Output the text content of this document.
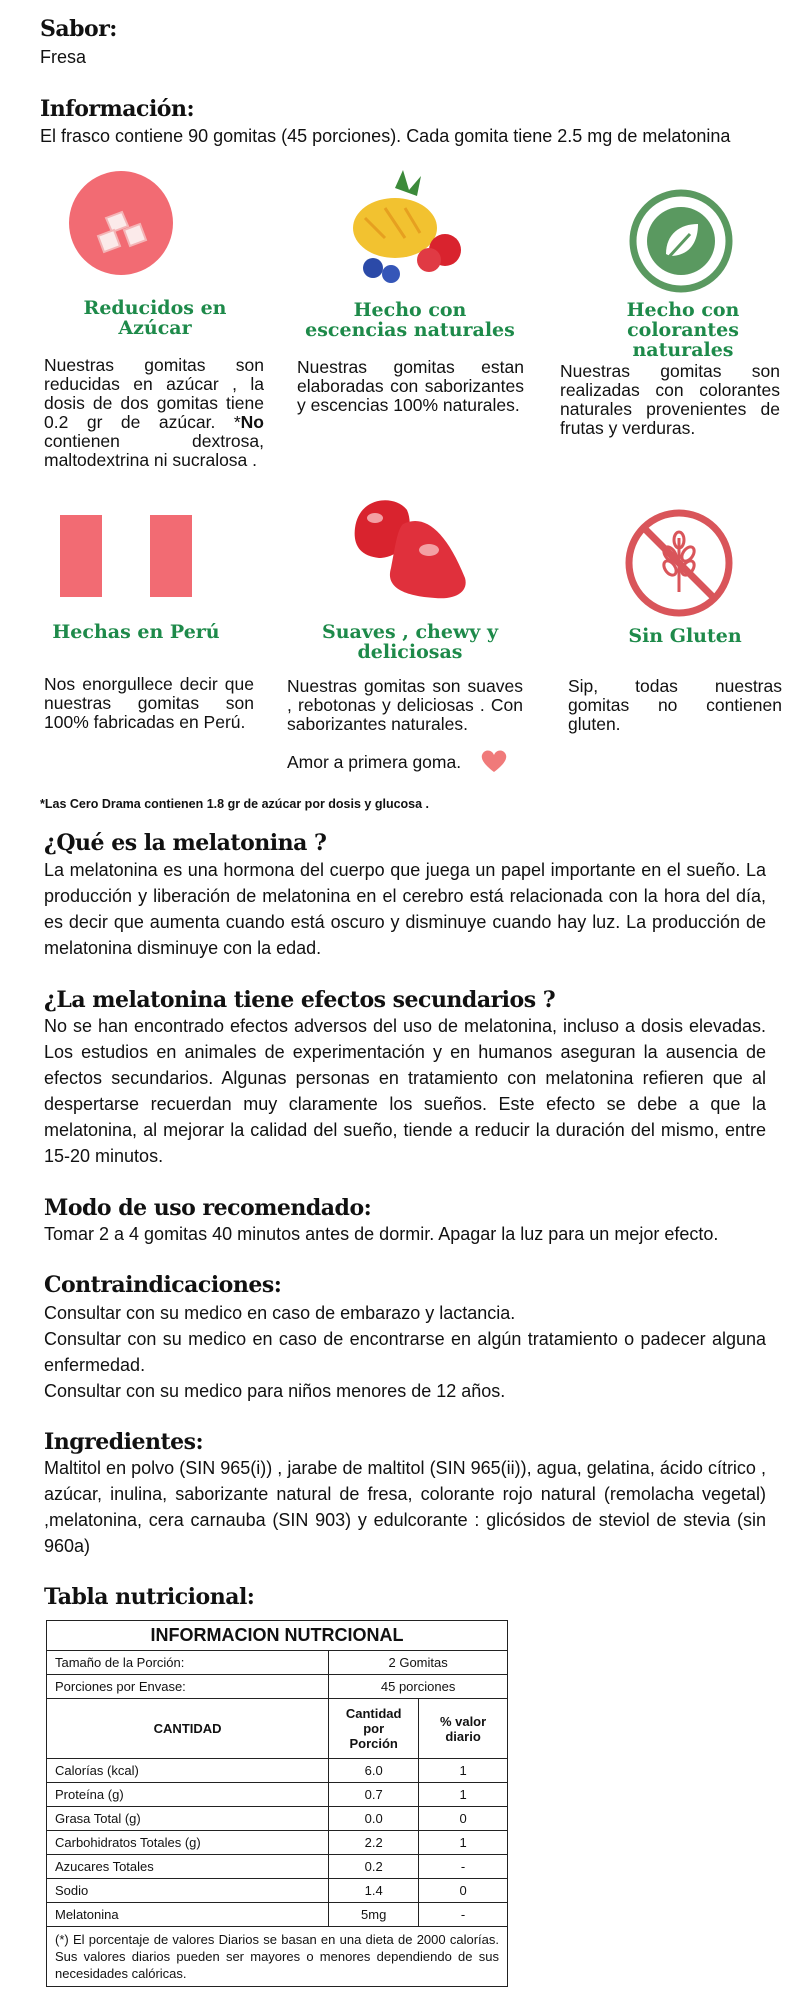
Sabor:
Fresa
Información:
El frasco contiene 90 gomitas (45 porciones). Cada gomita tiene 2.5 mg de melatonina
Reducidos en Azúcar
Nuestras gomitas son reducidas en azúcar , la dosis de dos gomitas tiene 0.2 gr de azúcar. *No contienen dextrosa, maltodextrina ni sucralosa .
Hecho con escencias naturales
Nuestras gomitas estan elaboradas con saborizantes y escencias 100% naturales.
Hecho con colorantes naturales
Nuestras gomitas son realizadas con colorantes naturales provenientes de frutas y verduras.
Hechas en Perú
Nos enorgullece decir que nuestras gomitas son 100% fabricadas en Perú.
Suaves , chewy y deliciosas
Nuestras gomitas son suaves , rebotonas y deliciosas . Con saborizantes naturales.
Amor a primera goma.
Sin Gluten
Sip, todas nuestras gomitas no contienen gluten.
*Las Cero Drama contienen 1.8 gr de azúcar por dosis y glucosa .
¿Qué es la melatonina ?
La melatonina es una hormona del cuerpo que juega un papel importante en el sueño. La producción y liberación de melatonina en el cerebro está relacionada con la hora del día, es decir que aumenta cuando está oscuro y disminuye cuando hay luz. La producción de melatonina disminuye con la edad.
¿La melatonina tiene efectos secundarios ?
No se han encontrado efectos adversos del uso de melatonina, incluso a dosis elevadas. Los estudios en animales de experimentación y en humanos aseguran la ausencia de efectos secundarios. Algunas personas en tratamiento con melatonina refieren que al despertarse recuerdan muy claramente los sueños. Este efecto se debe a que la melatonina, al mejorar la calidad del sueño, tiende a reducir la duración del mismo, entre 15-20 minutos.
Modo de uso recomendado:
Tomar 2 a 4 gomitas 40 minutos antes de dormir. Apagar la luz para un mejor efecto.
Contraindicaciones:
Consultar con su medico en caso de embarazo y lactancia.
Consultar con su medico en caso de encontrarse en algún tratamiento o padecer alguna enfermedad.
Consultar con su medico para niños menores de 12 años.
Ingredientes:
Maltitol en polvo (SIN 965(i)) , jarabe de maltitol (SIN 965(ii)), agua, gelatina, ácido cítrico , azúcar, inulina, saborizante natural de fresa, colorante rojo natural (remolacha vegetal) ,melatonina, cera carnauba (SIN 903) y edulcorante : glicósidos de steviol de stevia (sin 960a)
Tabla nutricional:
INFORMACION NUTRCIONAL		
Tamaño de la Porción:	2 Gomitas	
Porciones por Envase:	45 porciones	
CANTIDAD	Cantidad por Porción	% valor diario
Calorías (kcal)	6.0	1
Proteína (g)	0.7	1
Grasa Total (g)	0.0	0
Carbohidratos Totales (g)	2.2	1
Azucares Totales	0.2	-
Sodio	1.4	0
Melatonina	5mg	-
(*) El porcentaje de valores Diarios se basan en una dieta de 2000 calorías. Sus valores diarios pueden ser mayores o menores dependiendo de sus necesidades calóricas.		
